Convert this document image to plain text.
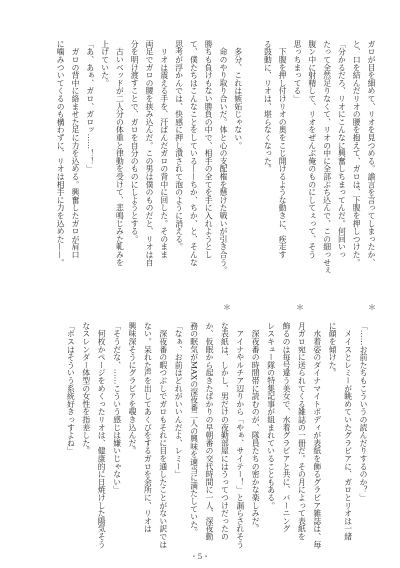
ガロが目を細めて、リオを見つめる。譫言を言ってしまったか、
と、口を結んだリオの腰を抱えて、ガロは、下腹を押しつけた。
「分かるだろ、リオにこんなに興奮しちまってんだ。何回いっ
たって全然足りなくて、リオの中に全部ぶち込んで、この細っせぇ
腹ン中に射精して、リオをぜんぶ俺のものにしてぇって、そう
思っちまってる」
　下腹を押し付けリオの奥をこじ開けるような動きに、疾走す
る鼓動に、リオは、堪らなくなった。
　多分、これは嫉妬じゃない。
　命のやり取り合いだ。体と心の支配権を懸けた戦いが引き合う。
勝ちも負けもない勝負の中で、相手の全てを手に入れようとし
て、僕たちはこんなことをしている——ちか、ちか、と、そんな
思考が浮かんでは、快感に押し潰されて泡のように消える。
　リオは震える手を、汗ばんだガロの背中に回した。そのまま
両足でガロの腰を挟み込んだ。この男は僕のものだと、リオは自
分を明け渡すことで、ガロを自分のものにしようとする。
　古いベッドが二人分の体重と律動を受けて、悲鳴じみた軋みを
上げていた。
「あ、あぁ、ガロ、ガロッ……！！」
　ガロの背中に絡ませた足に力を込める。興奮したガロが肩口
に噛みついてくるのも構わずに、リオは相手に力を込めた——。
＊
＊
＊
「……お前たちもこういうの読んだりするのか？」
　メイスとレミーが眺めていたグラビアに、ガロとリオは一緒
に顔を傾けた。
　水着姿のダイナマイトボディが表紙を飾るグラビア雑誌は、毎
月ガロ宛に送られてくる雑誌の一冊だ。その月によって表紙を
飾るのは毎号違う美女で、水着グラビアと共に、バーニング
レスキュー隊の特集記事が組まれていることもある。
　深夜番の時間帯に読むのが、隊員たちの密かな楽しみだ。
　アイナやルチア辺りから「やぁ、サイテー！」と漏らされそう
な表紙は、しかし、男だけの夜勤部屋にはうってつけだったの
か、仮眠から起きたばかりの早朝番の交代時間に一人、深夜勤
務の眠気がMAXの深夜番二人の興味を適当に満たしていた。
「なぁ、お前はどれがいいんだよ、レミー」
　深夜番の暇つぶしでガロもそれに目を通したことがない訳では
ない。呆れた声を出してあくびをするガロを余所に、リオは
興味深そうにグラビアを覗き込んだ。
「そうだな、……こういう感じは嫌いじゃない」
　何枚かページをめくったリオは、健康的に日焼けした陽気そう
なスレンダー体型の女性を指差した。
「ボスはそういう系統好きっすよね」
・5・
